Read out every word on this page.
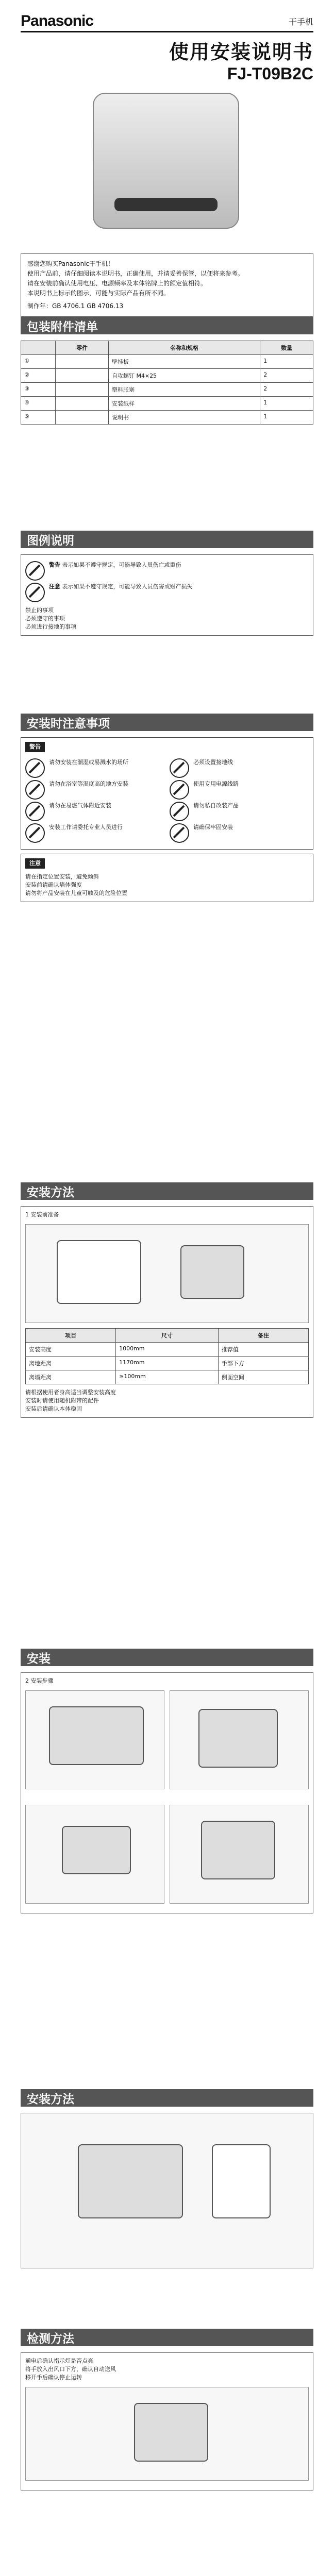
Panasonic	干手机
使用安装说明书
FJ-T09B2C
感谢您购买Panasonic干手机！
使用产品前，请仔细阅读本说明书，正确使用，并请妥善保管，以便将来参考。
请在安装前确认使用电压、电源频率及本体铭牌上的额定值相符。
本说明书上标示的图示，可能与实际产品有所不同。
制作年：GB 4706.1 GB 4706.13
包装附件清单
	零件	名称和规格	数量
①		壁挂板	1
②		自攻螺钉 M4×25	2
③		塑料胀塞	2
④		安装纸样	1
⑤		说明书	1
图例说明
警告 表示如果不遵守规定，可能导致人员伤亡或重伤
注意 表示如果不遵守规定，可能导致人员伤害或财产损失
禁止的事项
必须遵守的事项
必须进行接地的事项
安装时注意事项
警告
请勿安装在潮湿或易溅水的场所
请勿在浴室等湿度高的地方安装
请勿在易燃气体附近安装
安装工作请委托专业人员进行
必须设置接地线
使用专用电源线路
请勿私自改装产品
请确保牢固安装
注意
请在指定位置安装，避免倾斜
安装前请确认墙体强度
请勿将产品安装在儿童可触及的危险位置
安装方法
1 安装前准备
项目	尺寸	备注
安装高度	1000mm	推荐值
离地距离	1170mm	手部下方
离墙距离	≥100mm	侧面空间
请根据使用者身高适当调整安装高度
安装时请使用随机附带的配件
安装后请确认本体稳固
安装
2 安装步骤
安装方法
检测方法
通电后确认指示灯是否点亮
将手放入出风口下方，确认自动送风
移开手后确认停止运转
